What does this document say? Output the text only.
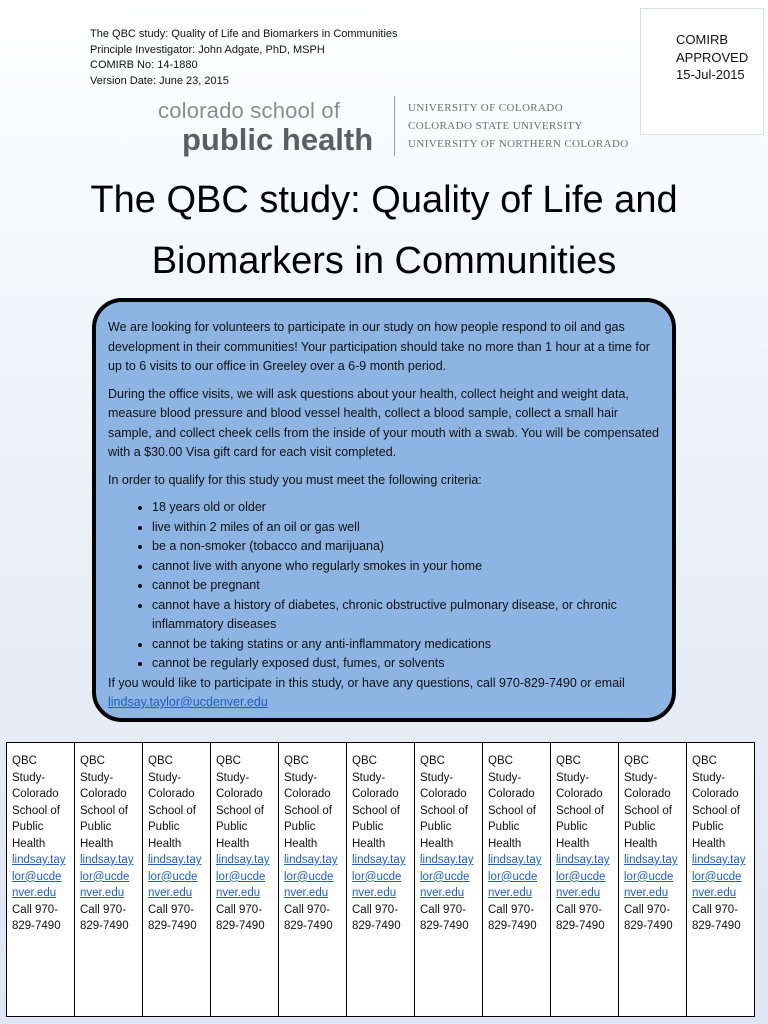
The QBC study: Quality of Life and Biomarkers in Communities
Principle Investigator: John Adgate, PhD, MSPH
COMIRB No: 14-1880
Version Date: June 23, 2015
COMIRB
APPROVED
15-Jul-2015
colorado school of
public health
UNIVERSITY OF COLORADO
COLORADO STATE UNIVERSITY
UNIVERSITY OF NORTHERN COLORADO
The QBC study: Quality of Life and
Biomarkers in Communities

We are looking for volunteers to participate in our study on how people respond to oil and gas development in their communities! Your participation should take no more than 1 hour at a time for up to 6 visits to our office in Greeley over a 6-9 month period.

During the office visits, we will ask questions about your health, collect height and weight data, measure blood pressure and blood vessel health, collect a blood sample, collect a small hair sample, and collect cheek cells from the inside of your mouth with a swab. You will be compensated with a $30.00 Visa gift card for each visit completed.

In order to qualify for this study you must meet the following criteria:

• 18 years old or older
• live within 2 miles of an oil or gas well
• be a non-smoker (tobacco and marijuana)
• cannot live with anyone who regularly smokes in your home
• cannot be pregnant
• cannot have a history of diabetes, chronic obstructive pulmonary disease, or chronic inflammatory diseases
• cannot be taking statins or any anti-inflammatory medications
• cannot be regularly exposed dust, fumes, or solvents

If you would like to participate in this study, or have any questions, call 970-829-7490 or email
lindsay.taylor@ucdenver.edu

QBC
Study-
Colorado
School of
Public
Health
lindsay.tay
lor@ucde
nver.edu
Call 970-
829-7490
QBC
Study-
Colorado
School of
Public
Health
lindsay.tay
lor@ucde
nver.edu
Call 970-
829-7490
QBC
Study-
Colorado
School of
Public
Health
lindsay.tay
lor@ucde
nver.edu
Call 970-
829-7490
QBC
Study-
Colorado
School of
Public
Health
lindsay.tay
lor@ucde
nver.edu
Call 970-
829-7490
QBC
Study-
Colorado
School of
Public
Health
lindsay.tay
lor@ucde
nver.edu
Call 970-
829-7490
QBC
Study-
Colorado
School of
Public
Health
lindsay.tay
lor@ucde
nver.edu
Call 970-
829-7490
QBC
Study-
Colorado
School of
Public
Health
lindsay.tay
lor@ucde
nver.edu
Call 970-
829-7490
QBC
Study-
Colorado
School of
Public
Health
lindsay.tay
lor@ucde
nver.edu
Call 970-
829-7490
QBC
Study-
Colorado
School of
Public
Health
lindsay.tay
lor@ucde
nver.edu
Call 970-
829-7490
QBC
Study-
Colorado
School of
Public
Health
lindsay.tay
lor@ucde
nver.edu
Call 970-
829-7490
QBC
Study-
Colorado
School of
Public
Health
lindsay.tay
lor@ucde
nver.edu
Call 970-
829-7490
